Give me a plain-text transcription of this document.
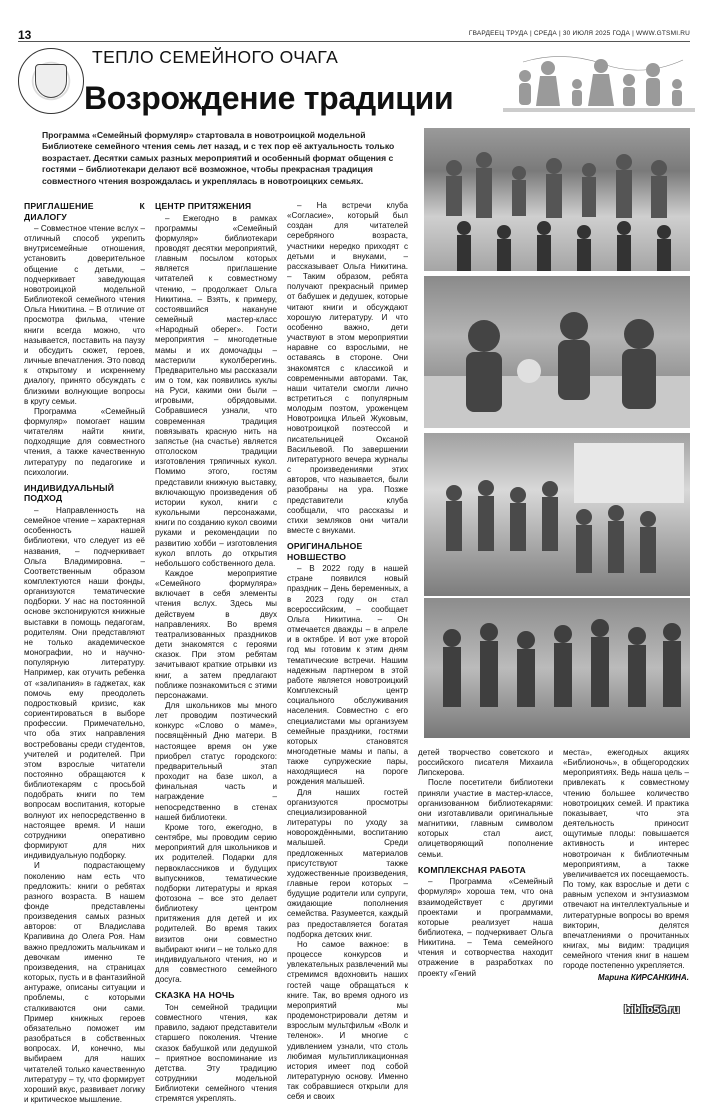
13	ГВАРДЕЕЦ ТРУДА | СРЕДА | 30 ИЮЛЯ 2025 ГОДА | WWW.GTSMI.RU
ТЕПЛО СЕМЕЙНОГО ОЧАГА
Возрождение традиции
Программа «Семейный формуляр» стартовала в новотроицкой модельной Библиотеке семейного чтения семь лет назад, и с тех пор её актуальность только возрастает. Десятки самых разных мероприятий и особенный формат общения с гостями – библиотекари делают всё возможное, чтобы прекрасная традиция совместного чтения возрождалась и укреплялась в новотроицких семьях.
ПРИГЛАШЕНИЕ К ДИАЛОГУ

– Совместное чтение вслух – отличный способ укрепить внутрисемейные отношения, установить доверительное общение с детьми, – подчеркивает заведующая новотроицкой модельной Библиотекой семейного чтения Ольга Никитина. – В отличие от просмотра фильма, чтение книги всегда можно, что называется, поставить на паузу и обсудить сюжет, героев, личные впечатления. Это повод к открытому и искреннему диалогу, принято обсуждать с близкими волнующие вопросы в кругу семьи.

Программа «Семейный формуляр» помогает нашим читателям найти книги, подходящие для совместного чтения, а также качественную литературу по педагогике и психологии.

ИНДИВИДУАЛЬНЫЙ ПОДХОД

– Направленность на семейное чтение – характерная особенность нашей библиотеки, что следует из её названия, – подчеркивает Ольга Владимировна. – Соответственным образом комплектуются наши фонды, организуются тематические подборки. У нас на постоянной основе экспонируются книжные выставки в помощь педагогам, родителям. Они представляют не только академическое монографии, но и научно-популярную литературу. Например, как отучить ребенка от «залипания» в гаджетах, как помочь ему преодолеть подростковый кризис, как сориентироваться в выборе профессии. Примечательно, что оба этих направления востребованы среди студентов, учителей и родителей. При этом взрослые читатели постоянно обращаются к библиотекарям с просьбой подобрать книги по тем вопросам воспитания, которые волнуют их непосредственно в настоящее время. И наши сотрудники оперативно формируют для них индивидуальную подборку.

И подрастающему поколению нам есть что предложить: книги о ребятах разного возраста. В нашем фонде представлены произведения самых разных авторов: от Владислава Крапивина до Олега Роя. Нам важно предложить мальчикам и девочкам именно те произведения, на страницах которых, пусть и в фантазийной антураже, описаны ситуации и проблемы, с которыми сталкиваются они сами. Пример книжных героев обязательно поможет им разобраться в собственных вопросах. И, конечно, мы выбираем для наших читателей только качественную литературу – ту, что формирует хороший вкус, развивает логику и критическое мышление.

ЦЕНТР ПРИТЯЖЕНИЯ

– Ежегодно в рамках программы «Семейный формуляр» библиотекари проводят десятки мероприятий, главным посылом которых является приглашение читателей к совместному чтению, – продолжает Ольга Никитина. – Взять, к примеру, состоявшийся накануне семейный мастер-класс «Народный оберег». Гости мероприятия – многодетные мамы и их домочадцы – мастерили куколберегинь. Предварительно мы рассказали им о том, как появились куклы на Руси, какими они были – игровыми, обрядовыми. Собравшиеся узнали, что современная традиция повязывать красную нить на запястье (на счастье) является отголоском традиции изготовления тряпичных кукол. Помимо этого, гостям представили книжную выставку, включающую произведения об истории кукол, книги с кукольными персонажами, книги по созданию кукол своими руками и рекомендации по развитию хобби – изготовления кукол вплоть до открытия небольшого собственного дела.

Каждое мероприятие «Семейного формуляра» включает в себя элементы чтения вслух. Здесь мы действуем в двух направлениях. Во время театрализованных праздников дети знакомятся с героями сказок. При этом ребятам зачитывают краткие отрывки из книг, а затем предлагают поближе познакомиться с этими персонажами.

Для школьников мы много лет проводим поэтический конкурс «Слово о маме», посвящённый Дню матери. В настоящее время он уже приобрел статус городского: предварительный этап проходит на базе школ, а финальная часть и награждение – непосредственно в стенах нашей библиотеки.

Кроме того, ежегодно, в сентябре, мы проводим серию мероприятий для школьников и их родителей. Подарки для первоклассников и будущих выпускников, тематические подборки литературы и яркая фотозона – все это делает библиотеку центром притяжения для детей и их родителей. Во время таких визитов они совместно выбирают книги – не только для индивидуального чтения, но и для совместного семейного досуга.

СКАЗКА НА НОЧЬ

Тон семейной традиции совместного чтения, как правило, задают представители старшего поколения. Чтение сказок бабушкой или дедушкой – приятное воспоминание из детства. Эту традицию сотрудники модельной Библиотеки семейного чтения стремятся укреплять.

– На встречи клуба «Согласие», который был создан для читателей серебряного возраста, участники нередко приходят с детьми и внуками, – рассказывает Ольга Никитина. – Таким образом, ребята получают прекрасный пример от бабушек и дедушек, которые читают книги и обсуждают хорошую литературу. И что особенно важно, дети участвуют в этом мероприятии наравне со взрослыми, не оставаясь в стороне. Они знакомятся с классикой и современными авторами. Так, наши читатели смогли лично встретиться с популярным молодым поэтом, уроженцем Новотроицка Ильей Жуковым, новотроицкой поэтессой и писательницей Оксаной Васильевой. По завершении литературного вечера журналы с произведениями этих авторов, что называется, были разобраны на ура. Позже представители клуба сообщали, что рассказы и стихи земляков они читали вместе с внуками.

ОРИГИНАЛЬНОЕ НОВШЕСТВО

– В 2022 году в нашей стране появился новый праздник – День беременных, а в 2023 году он стал всероссийским, – сообщает Ольга Никитина. – Он отмечается дважды – в апреле и в октябре. И вот уже второй год мы готовим к этим дням тематические встречи. Нашим надежным партнером в этой работе является новотроицкий Комплексный центр социального обслуживания населения. Совместно с его специалистами мы организуем семейные праздники, гостями которых становятся многодетные мамы и папы, а также супружеские пары, находящиеся на пороге рождения малышей.

Для наших гостей организуются просмотры специализированной литературы по уходу за новорождёнными, воспитанию малышей. Среди предложенных материалов присутствуют также художественные произведения, главные герои которых – будущие родители или супруги, ожидающие пополнения семейства. Разумеется, каждый раз предоставляется богатая подборка детских книг.

Но самое важное: в процессе конкурсов и увлекательных развлечений мы стремимся вдохновить наших гостей чаще обращаться к книге. Так, во время одного из мероприятий мы продемонстрировали детям и взрослым мультфильм «Волк и теленок». И многие с удивлением узнали, что столь любимая мультипликационная история имеет под собой литературную основу. Именно так собравшиеся открыли для себя и своих

детей творчество советского и российского писателя Михаила Липскерова.

После посетители библиотеки приняли участие в мастер-классе, организованном библиотекарями: они изготавливали оригинальные магнитики, главным символом которых стал аист, олицетворяющий пополнение семьи.

КОМПЛЕКСНАЯ РАБОТА

– Программа «Семейный формуляр» хороша тем, что она взаимодействует с другими проектами и программами, которые реализует наша библиотека, – подчеркивает Ольга Никитина. – Тема семейного чтения и сотворчества находит отражение в разработках по проекту «Гений

места», ежегодных акциях «Библионочь», в общегородских мероприятиях. Ведь наша цель – привлекать к совместному чтению большее количество новотроицких семей. И практика показывает, что эта деятельность приносит ощутимые плоды: повышается активность и интерес новотроичан к библиотечным мероприятиям, а также увеличивается их посещаемость. По тому, как взрослые и дети с равным успехом и энтузиазмом отвечают на интеллектуальные и литературные вопросы во время викторин, делятся впечатлениями о прочитанных книгах, мы видим: традиция семейного чтения книг в нашем городе постепенно укрепляется.

Марина КИРСАНКИНА.
biblio56.ru
